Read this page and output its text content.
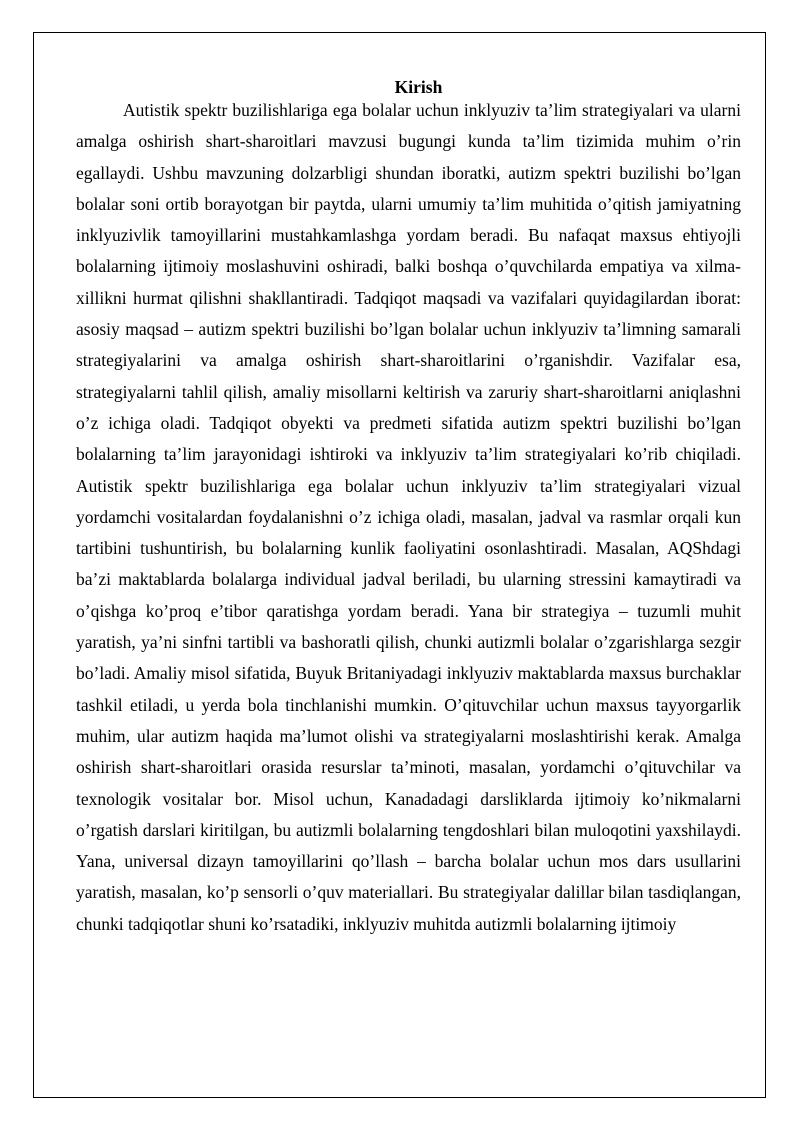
Kirish

Autistik spektr buzilishlariga ega bolalar uchun inklyuziv ta’lim strategiyalari va ularni amalga oshirish shart-sharoitlari mavzusi bugungi kunda ta’lim tizimida muhim o’rin egallaydi. Ushbu mavzuning dolzarbligi shundan iboratki, autizm spektri buzilishi bo’lgan bolalar soni ortib borayotgan bir paytda, ularni umumiy ta’lim muhitida o’qitish jamiyatning inklyuzivlik tamoyillarini mustahkamlashga yordam beradi. Bu nafaqat maxsus ehtiyojli bolalarning ijtimoiy moslashuvini oshiradi, balki boshqa o’quvchilarda empatiya va xilma-xillikni hurmat qilishni shakllantiradi. Tadqiqot maqsadi va vazifalari quyidagilardan iborat: asosiy maqsad – autizm spektri buzilishi bo’lgan bolalar uchun inklyuziv ta’limning samarali strategiyalarini va amalga oshirish shart-sharoitlarini o’rganishdir. Vazifalar esa, strategiyalarni tahlil qilish, amaliy misollarni keltirish va zaruriy shart-sharoitlarni aniqlashni o’z ichiga oladi. Tadqiqot obyekti va predmeti sifatida autizm spektri buzilishi bo’lgan bolalarning ta’lim jarayonidagi ishtiroki va inklyuziv ta’lim strategiyalari ko’rib chiqiladi. Autistik spektr buzilishlariga ega bolalar uchun inklyuziv ta’lim strategiyalari vizual yordamchi vositalardan foydalanishni o’z ichiga oladi, masalan, jadval va rasmlar orqali kun tartibini tushuntirish, bu bolalarning kunlik faoliyatini osonlashtiradi. Masalan, AQShdagi ba’zi maktablarda bolalarga individual jadval beriladi, bu ularning stressini kamaytiradi va o’qishga ko’proq e’tibor qaratishga yordam beradi. Yana bir strategiya – tuzumli muhit yaratish, ya’ni sinfni tartibli va bashoratli qilish, chunki autizmli bolalar o’zgarishlarga sezgir bo’ladi. Amaliy misol sifatida, Buyuk Britaniyadagi inklyuziv maktablarda maxsus burchaklar tashkil etiladi, u yerda bola tinchlanishi mumkin. O’qituvchilar uchun maxsus tayyorgarlik muhim, ular autizm haqida ma’lumot olishi va strategiyalarni moslashtirishi kerak. Amalga oshirish shart-sharoitlari orasida resurslar ta’minoti, masalan, yordamchi o’qituvchilar va texnologik vositalar bor. Misol uchun, Kanadadagi darsliklarda ijtimoiy ko’nikmalarni o’rgatish darslari kiritilgan, bu autizmli bolalarning tengdoshlari bilan muloqotini yaxshilaydi. Yana, universal dizayn tamoyillarini qo’llash – barcha bolalar uchun mos dars usullarini yaratish, masalan, ko’p sensorli o’quv materiallari. Bu strategiyalar dalillar bilan tasdiqlangan, chunki tadqiqotlar shuni ko’rsatadiki, inklyuziv muhitda autizmli bolalarning ijtimoiy
